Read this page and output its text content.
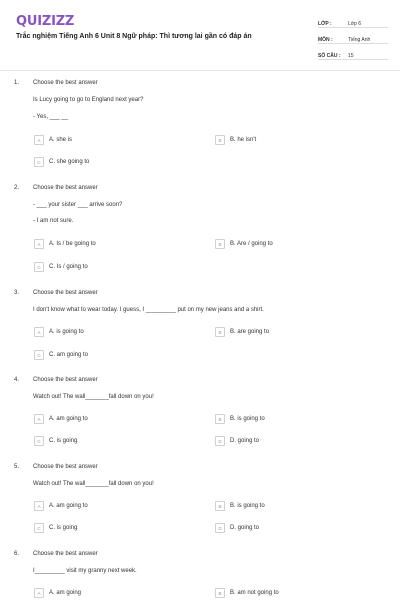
QUIZIZZ
Trắc nghiệm Tiếng Anh 6 Unit 8 Ngữ pháp: Thì tương lai gần có đáp án
LỚP :	Lớp 6
MÔN :	Tiếng Anh
SỐ CÂU :	15
1. Choose the best answer
Is Lucy going to go to England next year?
- Yes, ___ __
A	A. she is	B	B. he isn't
C	C. she going to
2. Choose the best answer
- ___ your sister ___ arrive soon?
- I am not sure.
A	A. Is / be going to	B	B. Are / going to
C	C. Is / going to
3. Choose the best answer
I don't know what to wear today. I guess, I _________ put on my new jeans and a shirt.
A	A. is going to	B	B. are going to
C	C. am going to
4. Choose the best answer
Watch out! The wall_______fall down on you!
A	A. am going to	B	B. is going to
C	C. is going	D	D. going to
5. Choose the best answer
Watch out! The wall_______fall down on you!
A	A. am going to	B	B. is going to
C	C. is going	D	D. going to
6. Choose the best answer
I_________ visit my granny next week.
A	A. am going	B	B. am not going to
